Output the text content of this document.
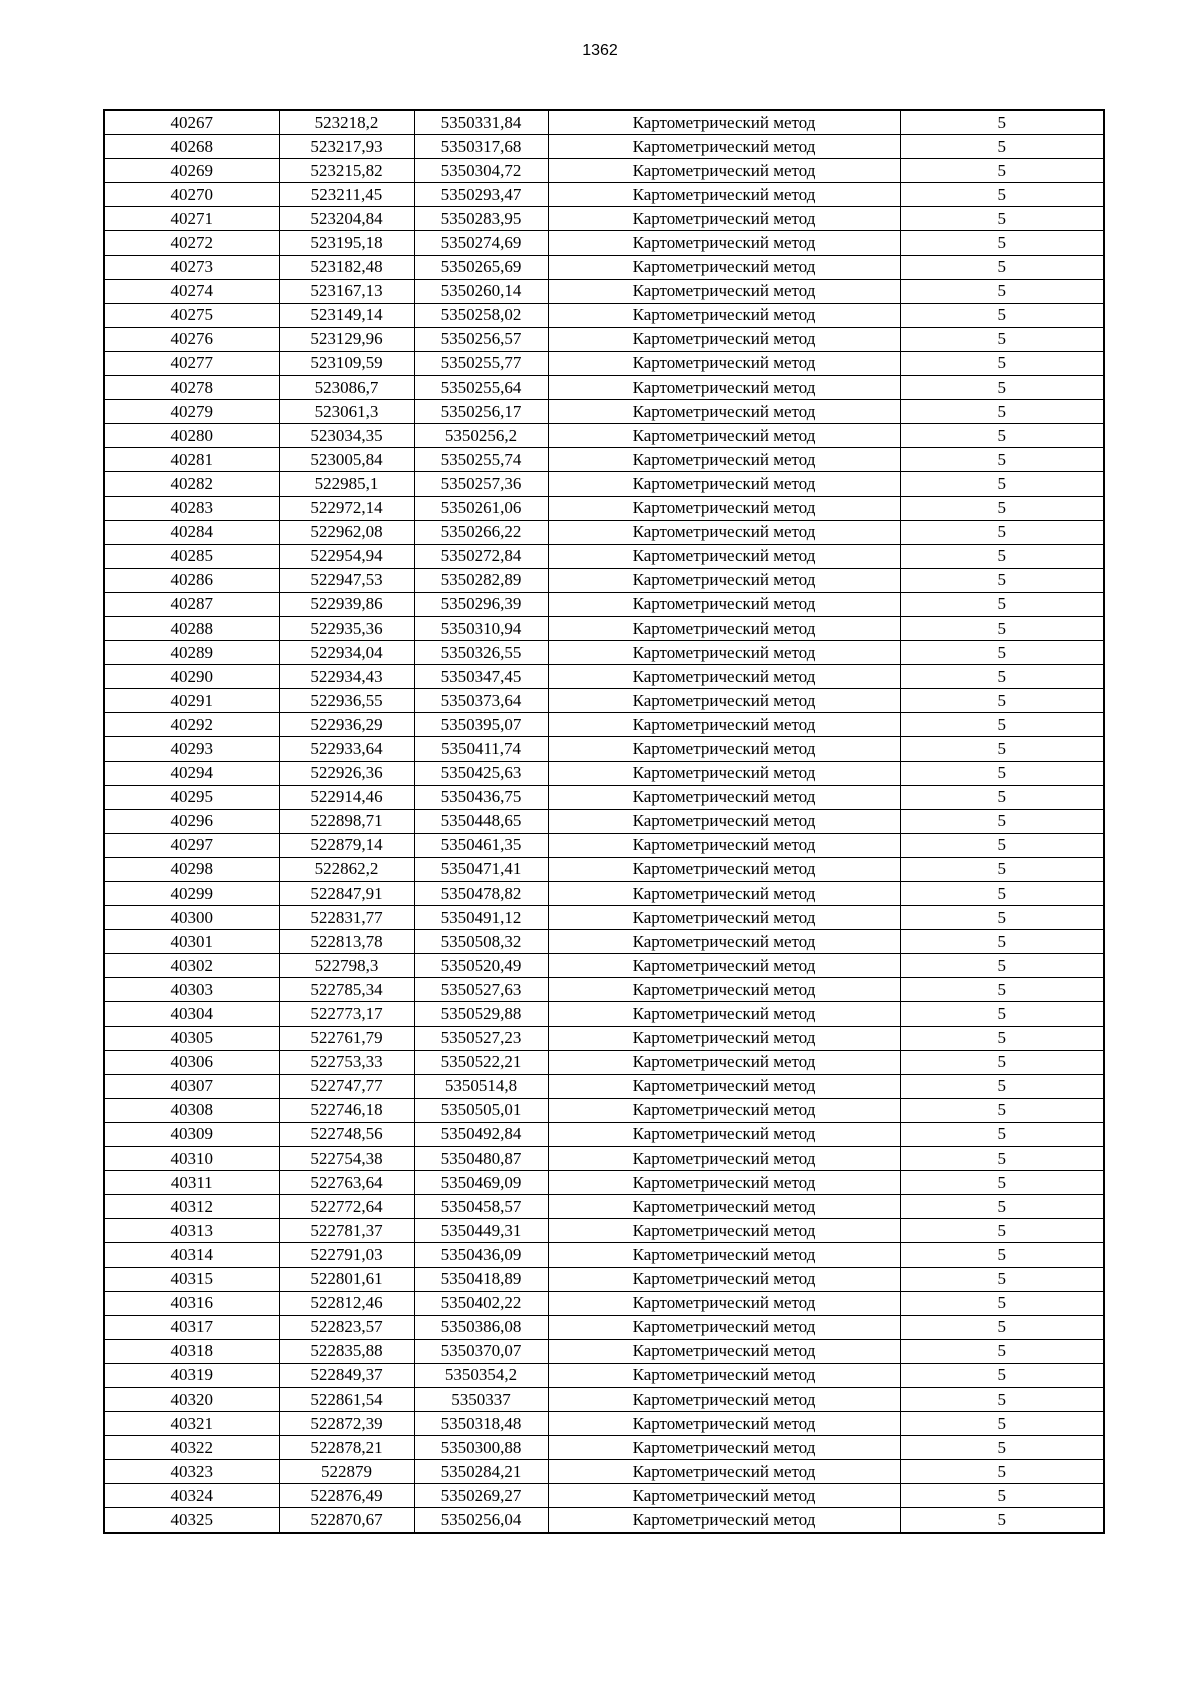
1362
40267	523218,2	5350331,84	Картометрический метод	5
40268	523217,93	5350317,68	Картометрический метод	5
40269	523215,82	5350304,72	Картометрический метод	5
40270	523211,45	5350293,47	Картометрический метод	5
40271	523204,84	5350283,95	Картометрический метод	5
40272	523195,18	5350274,69	Картометрический метод	5
40273	523182,48	5350265,69	Картометрический метод	5
40274	523167,13	5350260,14	Картометрический метод	5
40275	523149,14	5350258,02	Картометрический метод	5
40276	523129,96	5350256,57	Картометрический метод	5
40277	523109,59	5350255,77	Картометрический метод	5
40278	523086,7	5350255,64	Картометрический метод	5
40279	523061,3	5350256,17	Картометрический метод	5
40280	523034,35	5350256,2	Картометрический метод	5
40281	523005,84	5350255,74	Картометрический метод	5
40282	522985,1	5350257,36	Картометрический метод	5
40283	522972,14	5350261,06	Картометрический метод	5
40284	522962,08	5350266,22	Картометрический метод	5
40285	522954,94	5350272,84	Картометрический метод	5
40286	522947,53	5350282,89	Картометрический метод	5
40287	522939,86	5350296,39	Картометрический метод	5
40288	522935,36	5350310,94	Картометрический метод	5
40289	522934,04	5350326,55	Картометрический метод	5
40290	522934,43	5350347,45	Картометрический метод	5
40291	522936,55	5350373,64	Картометрический метод	5
40292	522936,29	5350395,07	Картометрический метод	5
40293	522933,64	5350411,74	Картометрический метод	5
40294	522926,36	5350425,63	Картометрический метод	5
40295	522914,46	5350436,75	Картометрический метод	5
40296	522898,71	5350448,65	Картометрический метод	5
40297	522879,14	5350461,35	Картометрический метод	5
40298	522862,2	5350471,41	Картометрический метод	5
40299	522847,91	5350478,82	Картометрический метод	5
40300	522831,77	5350491,12	Картометрический метод	5
40301	522813,78	5350508,32	Картометрический метод	5
40302	522798,3	5350520,49	Картометрический метод	5
40303	522785,34	5350527,63	Картометрический метод	5
40304	522773,17	5350529,88	Картометрический метод	5
40305	522761,79	5350527,23	Картометрический метод	5
40306	522753,33	5350522,21	Картометрический метод	5
40307	522747,77	5350514,8	Картометрический метод	5
40308	522746,18	5350505,01	Картометрический метод	5
40309	522748,56	5350492,84	Картометрический метод	5
40310	522754,38	5350480,87	Картометрический метод	5
40311	522763,64	5350469,09	Картометрический метод	5
40312	522772,64	5350458,57	Картометрический метод	5
40313	522781,37	5350449,31	Картометрический метод	5
40314	522791,03	5350436,09	Картометрический метод	5
40315	522801,61	5350418,89	Картометрический метод	5
40316	522812,46	5350402,22	Картометрический метод	5
40317	522823,57	5350386,08	Картометрический метод	5
40318	522835,88	5350370,07	Картометрический метод	5
40319	522849,37	5350354,2	Картометрический метод	5
40320	522861,54	5350337	Картометрический метод	5
40321	522872,39	5350318,48	Картометрический метод	5
40322	522878,21	5350300,88	Картометрический метод	5
40323	522879	5350284,21	Картометрический метод	5
40324	522876,49	5350269,27	Картометрический метод	5
40325	522870,67	5350256,04	Картометрический метод	5
